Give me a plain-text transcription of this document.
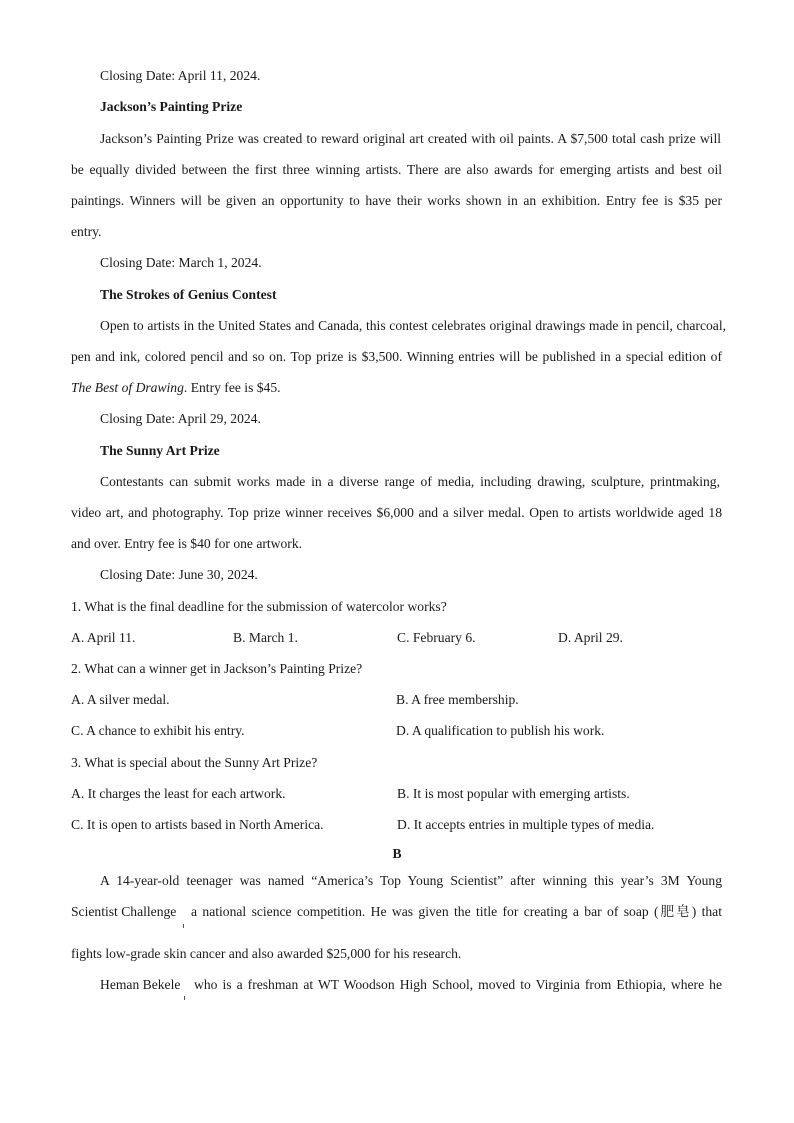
Closing Date: April 11, 2024.
Jackson’s Painting Prize
Jackson’s Painting Prize was created to reward original art created with oil paints. A $7,500 total cash prize will
be equally divided between the first three winning artists. There are also awards for emerging artists and best oil
paintings. Winners will be given an opportunity to have their works shown in an exhibition. Entry fee is $35 per
entry.
Closing Date: March 1, 2024.
The Strokes of Genius Contest
Open to artists in the United States and Canada, this contest celebrates original drawings made in pencil, charcoal,
pen and ink, colored pencil and so on. Top prize is $3,500. Winning entries will be published in a special edition of
The Best of Drawing. Entry fee is $45.
Closing Date: April 29, 2024.
The Sunny Art Prize
Contestants can submit works made in a diverse range of media, including drawing, sculpture, printmaking,
video art, and photography. Top prize winner receives $6,000 and a silver medal. Open to artists worldwide aged 18
and over. Entry fee is $40 for one artwork.
Closing Date: June 30, 2024.
1. What is the final deadline for the submission of watercolor works?
A. April 11.	B. March 1.	C. February 6.	D. April 29.
2. What can a winner get in Jackson’s Painting Prize?
A. A silver medal.	B. A free membership.
C. A chance to exhibit his entry.	D. A qualification to publish his work.
3. What is special about the Sunny Art Prize?
A. It charges the least for each artwork.	B. It is most popular with emerging artists.
C. It is open to artists based in North America.	D. It accepts entries in multiple types of media.
B
A 14-year-old teenager was named “America’s Top Young Scientist” after winning this year’s 3M Young
Scientist Challenge a national science competition. He was given the title for creating a bar of soap (肥皂) that
fights low-grade skin cancer and also awarded $25,000 for his research.
Heman Bekele who is a freshman at WT Woodson High School, moved to Virginia from Ethiopia, where he
